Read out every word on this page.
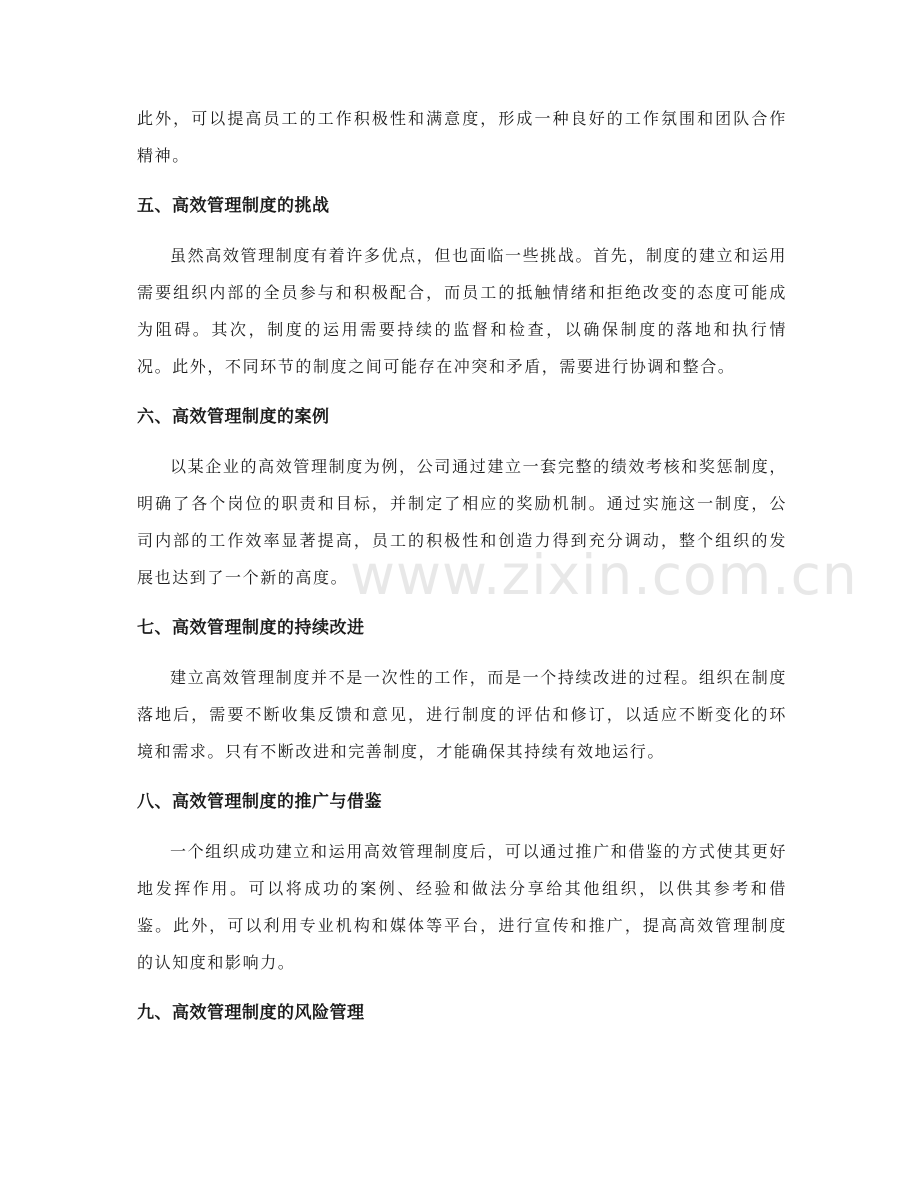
此外，可以提高员工的工作积极性和满意度，形成一种良好的工作氛围和团队合作精神。

五、高效管理制度的挑战

虽然高效管理制度有着许多优点，但也面临一些挑战。首先，制度的建立和运用需要组织内部的全员参与和积极配合，而员工的抵触情绪和拒绝改变的态度可能成为阻碍。其次，制度的运用需要持续的监督和检查，以确保制度的落地和执行情况。此外，不同环节的制度之间可能存在冲突和矛盾，需要进行协调和整合。

六、高效管理制度的案例

以某企业的高效管理制度为例，公司通过建立一套完整的绩效考核和奖惩制度，明确了各个岗位的职责和目标，并制定了相应的奖励机制。通过实施这一制度，公司内部的工作效率显著提高，员工的积极性和创造力得到充分调动，整个组织的发展也达到了一个新的高度。

七、高效管理制度的持续改进

建立高效管理制度并不是一次性的工作，而是一个持续改进的过程。组织在制度落地后，需要不断收集反馈和意见，进行制度的评估和修订，以适应不断变化的环境和需求。只有不断改进和完善制度，才能确保其持续有效地运行。

八、高效管理制度的推广与借鉴

一个组织成功建立和运用高效管理制度后，可以通过推广和借鉴的方式使其更好地发挥作用。可以将成功的案例、经验和做法分享给其他组织，以供其参考和借鉴。此外，可以利用专业机构和媒体等平台，进行宣传和推广，提高高效管理制度的认知度和影响力。

九、高效管理制度的风险管理
www.zixin.com.cn
